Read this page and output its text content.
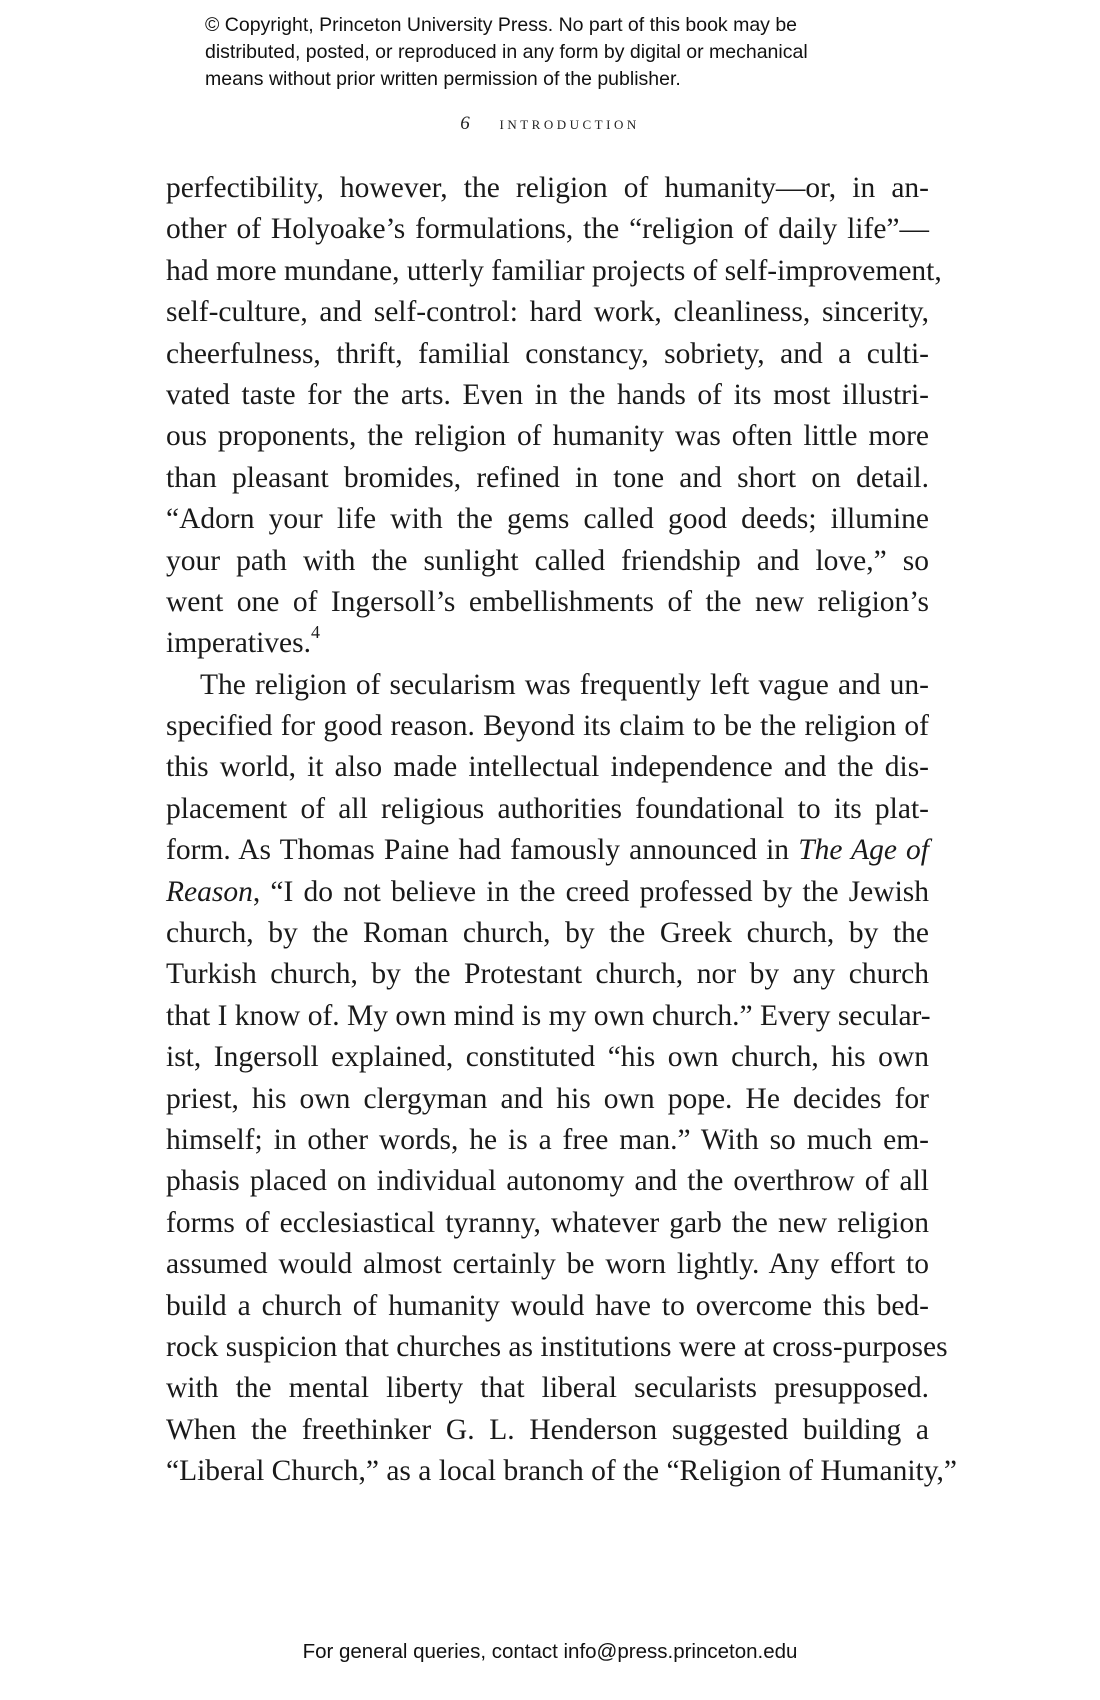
© Copyright, Princeton University Press. No part of this book may be
distributed, posted, or reproduced in any form by digital or mechanical
means without prior written permission of the publisher.
6 introduction
perfectibility, however, the religion of humanity—or, in an-
other of Holyoake’s formulations, the “religion of daily life”—
had more mundane, utterly familiar projects of self-improvement,
self-culture, and self-control: hard work, cleanliness, sincerity,
cheerfulness, thrift, familial constancy, sobriety, and a culti-
vated taste for the arts. Even in the hands of its most illustri-
ous proponents, the religion of humanity was often little more
than pleasant bromides, refined in tone and short on detail.
“Adorn your life with the gems called good deeds; illumine
your path with the sunlight called friendship and love,” so
went one of Ingersoll’s embellishments of the new religion’s
imperatives.$^4$
The religion of secularism was frequently left vague and un-
specified for good reason. Beyond its claim to be the religion of
this world, it also made intellectual independence and the dis-
placement of all religious authorities foundational to its plat-
form. As Thomas Paine had famously announced in The Age of
Reason, “I do not believe in the creed professed by the Jewish
church, by the Roman church, by the Greek church, by the
Turkish church, by the Protestant church, nor by any church
that I know of. My own mind is my own church.” Every secular-
ist, Ingersoll explained, constituted “his own church, his own
priest, his own clergyman and his own pope. He decides for
himself; in other words, he is a free man.” With so much em-
phasis placed on individual autonomy and the overthrow of all
forms of ecclesiastical tyranny, whatever garb the new religion
assumed would almost certainly be worn lightly. Any effort to
build a church of humanity would have to overcome this bed-
rock suspicion that churches as institutions were at cross-purposes
with the mental liberty that liberal secularists presupposed.
When the freethinker G. L. Henderson suggested building a
“Liberal Church,” as a local branch of the “Religion of Humanity,”
For general queries, contact info@press.princeton.edu
